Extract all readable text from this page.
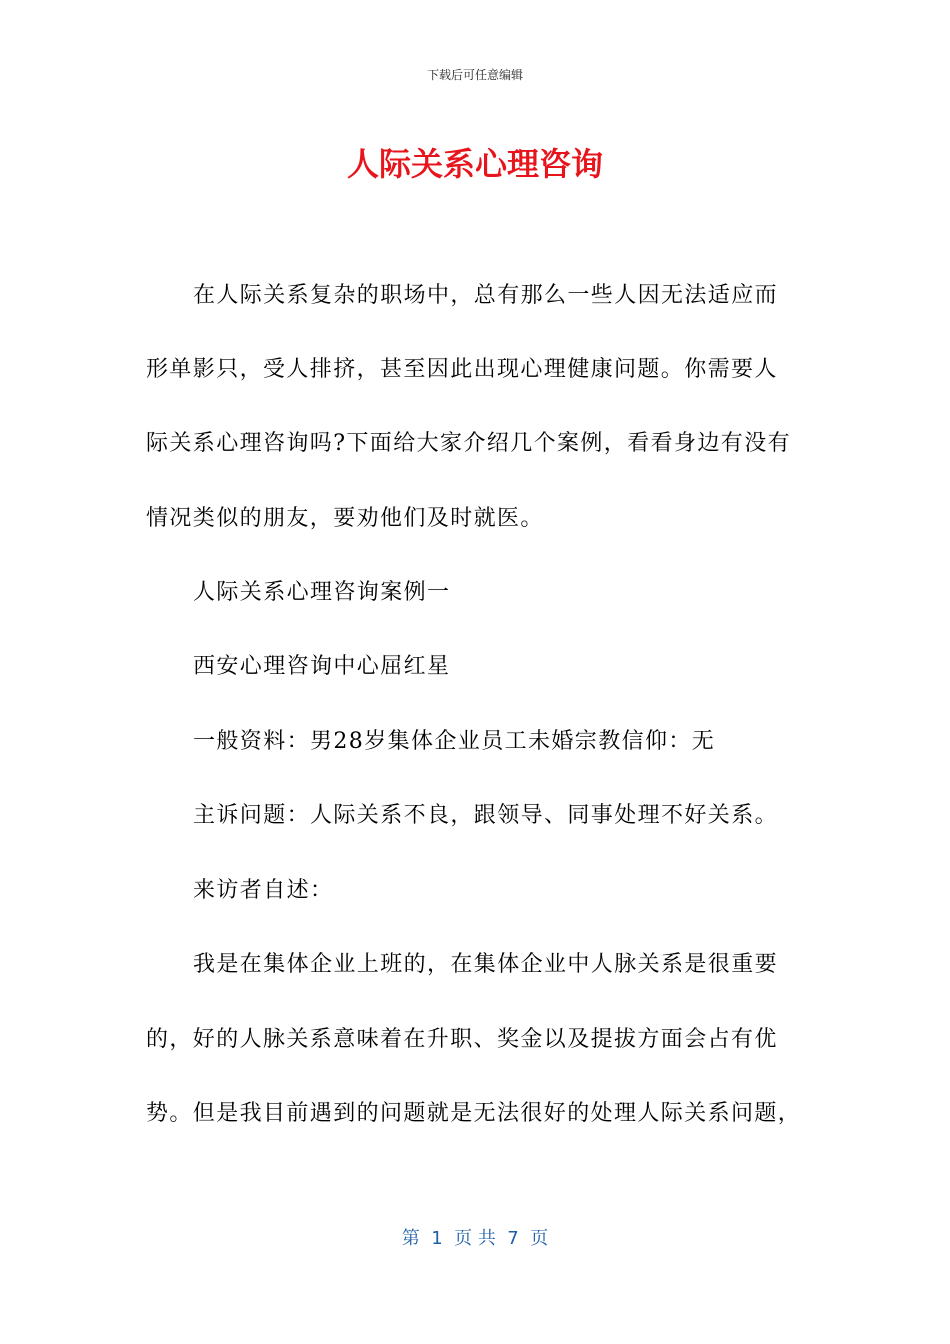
下载后可任意编辑
人际关系心理咨询
在人际关系复杂的职场中，总有那么一些人因无法适应而
形单影只，受人排挤，甚至因此出现心理健康问题。你需要人
际关系心理咨询吗?下面给大家介绍几个案例，看看身边有没有
情况类似的朋友，要劝他们及时就医。
人际关系心理咨询案例一
西安心理咨询中心屈红星
一般资料：男28岁集体企业员工未婚宗教信仰：无
主诉问题：人际关系不良，跟领导、同事处理不好关系。
来访者自述：
我是在集体企业上班的，在集体企业中人脉关系是很重要
的，好的人脉关系意味着在升职、奖金以及提拔方面会占有优
势。但是我目前遇到的问题就是无法很好的处理人际关系问题，
第  1  页 共  7  页
